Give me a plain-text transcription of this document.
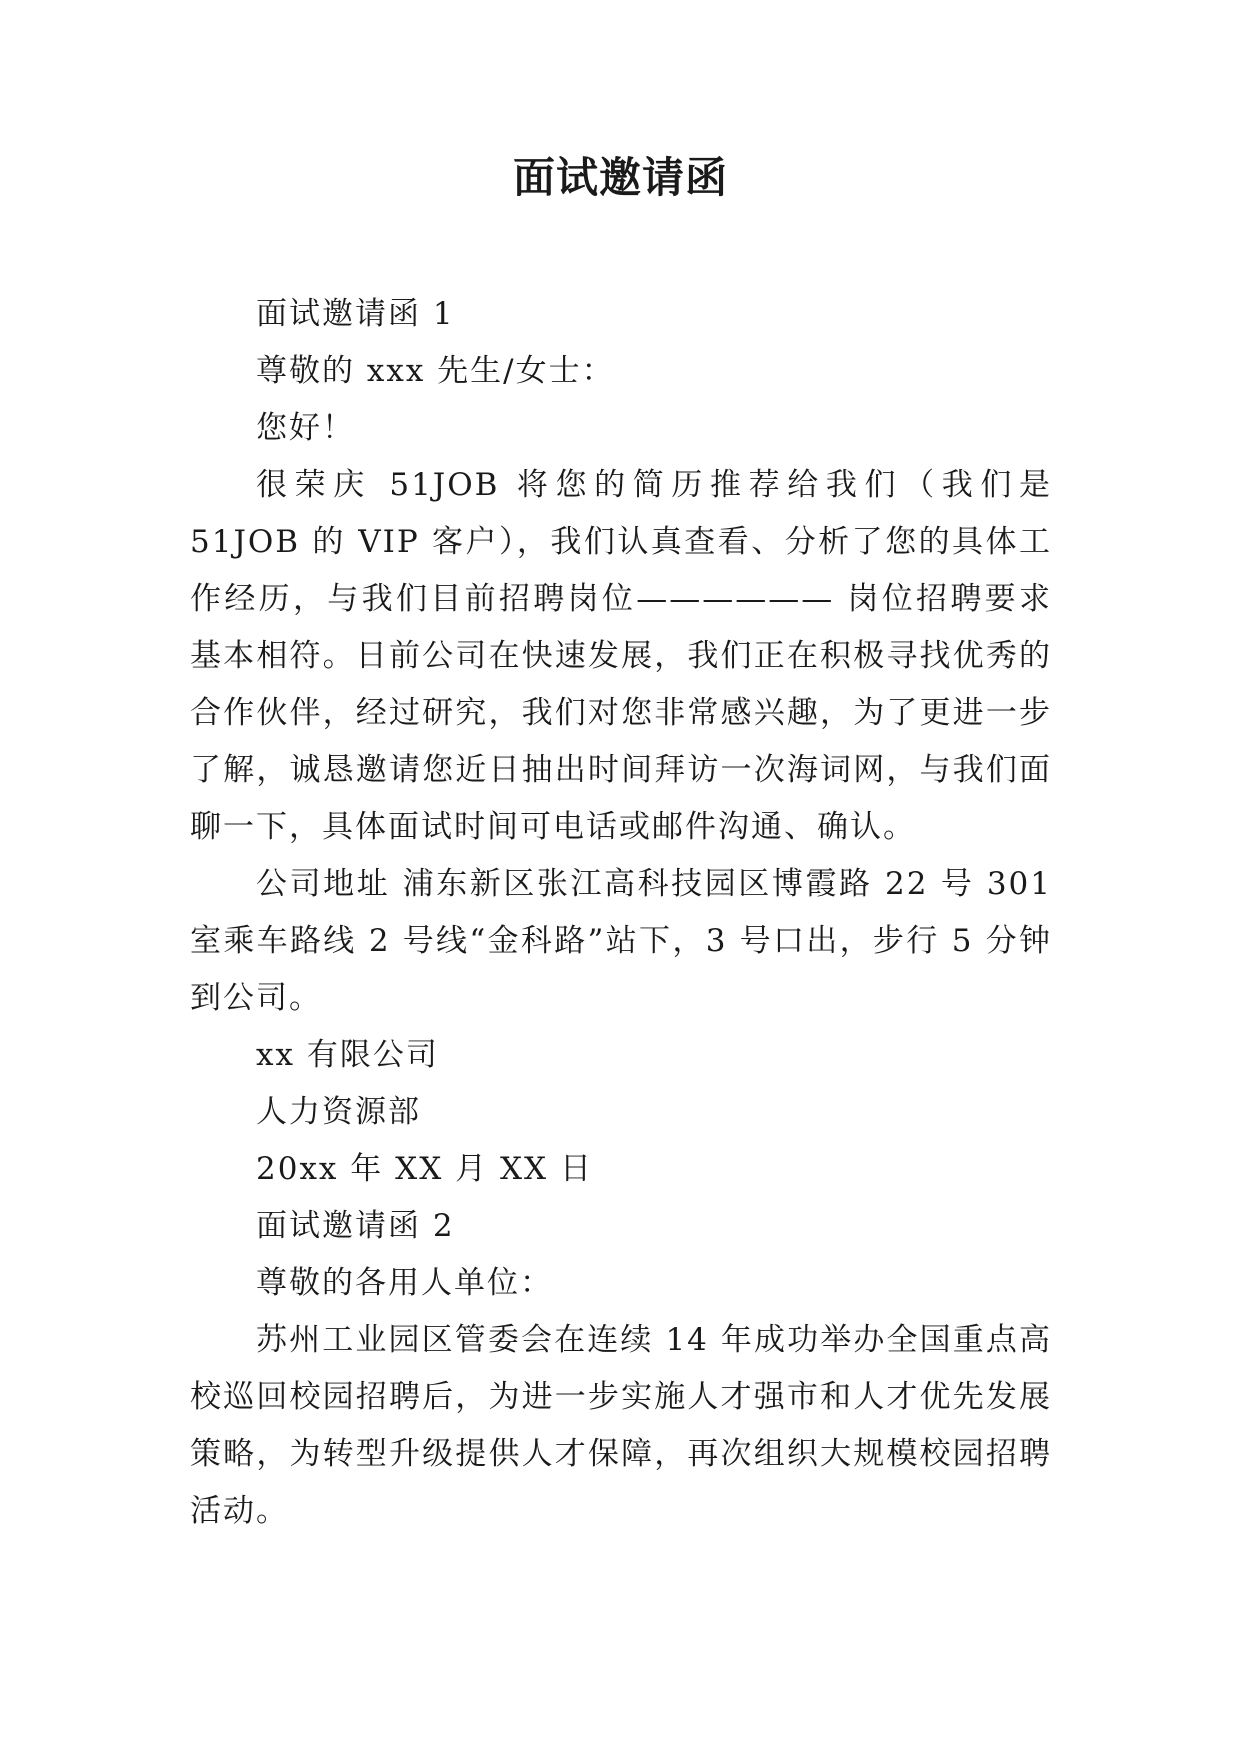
面试邀请函

面试邀请函 1

尊敬的 xxx 先生/女士：

您好！

很荣庆 51JOB 将您的简历推荐给我们（我们是 51JOB 的 VIP 客户），我们认真查看、分析了您的具体工作经历，与我们目前招聘岗位—————— 岗位招聘要求基本相符。日前公司在快速发展，我们正在积极寻找优秀的合作伙伴，经过研究，我们对您非常感兴趣，为了更进一步了解，诚恳邀请您近日抽出时间拜访一次海词网，与我们面聊一下，具体面试时间可电话或邮件沟通、确认。

公司地址 浦东新区张江高科技园区博霞路 22 号 301 室乘车路线 2 号线“金科路”站下，3 号口出，步行 5 分钟到公司。

xx 有限公司

人力资源部

20xx 年 XX 月 XX 日

面试邀请函 2

尊敬的各用人单位：

苏州工业园区管委会在连续 14 年成功举办全国重点高校巡回校园招聘后，为进一步实施人才强市和人才优先发展策略，为转型升级提供人才保障，再次组织大规模校园招聘活动。
